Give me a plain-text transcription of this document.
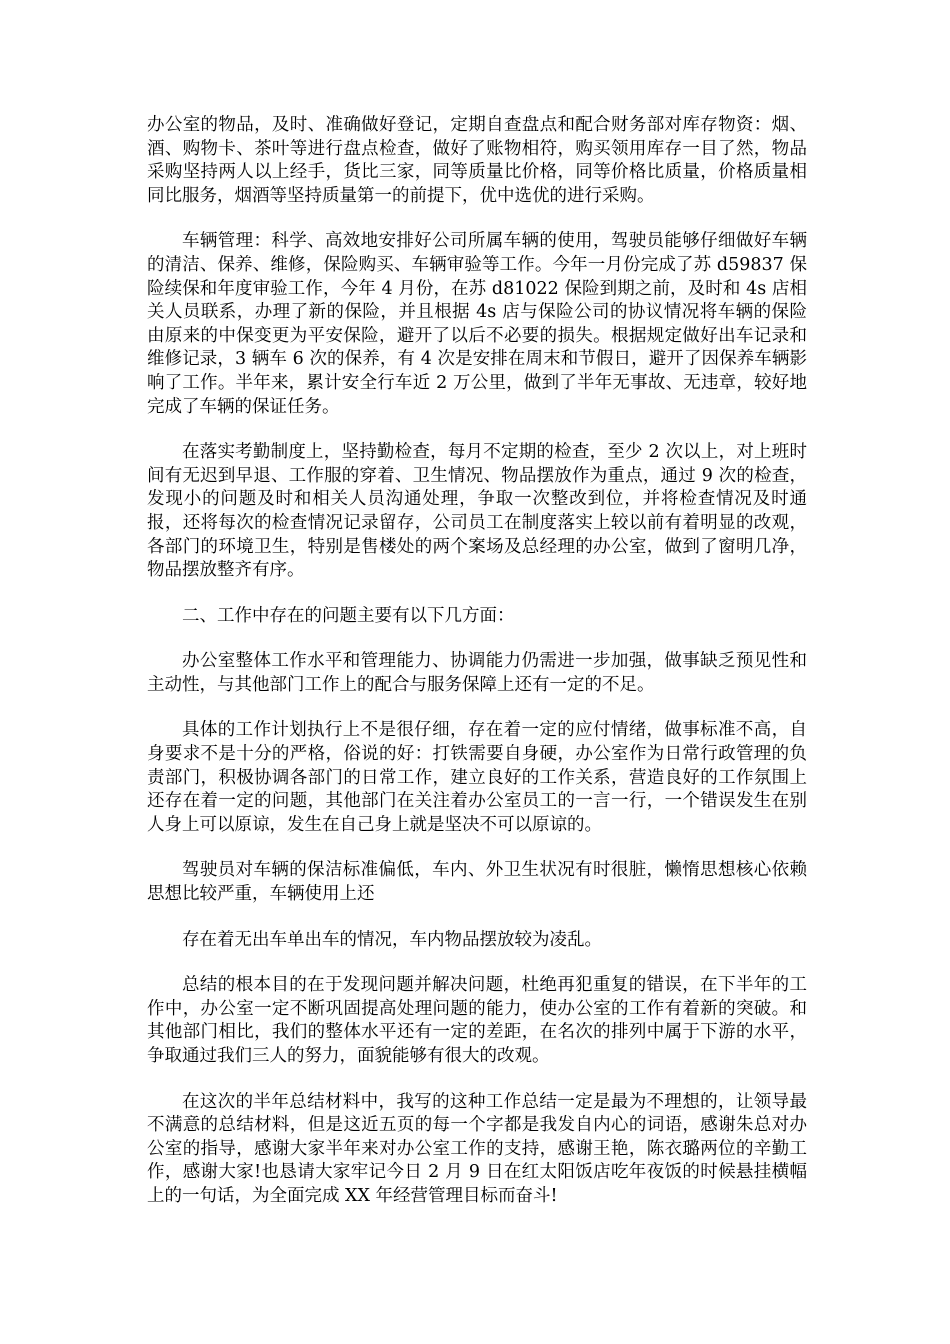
办公室的物品，及时、准确做好登记，定期自查盘点和配合财务部对库存物资：烟、酒、购物卡、茶叶等进行盘点检查，做好了账物相符，购买领用库存一目了然，物品采购坚持两人以上经手，货比三家，同等质量比价格，同等价格比质量，价格质量相同比服务，烟酒等坚持质量第一的前提下，优中选优的进行采购。

车辆管理：科学、高效地安排好公司所属车辆的使用，驾驶员能够仔细做好车辆的清洁、保养、维修，保险购买、车辆审验等工作。今年一月份完成了苏 d59837 保险续保和年度审验工作，今年 4 月份，在苏 d81022 保险到期之前，及时和 4s 店相关人员联系，办理了新的保险，并且根据 4s 店与保险公司的协议情况将车辆的保险由原来的中保变更为平安保险，避开了以后不必要的损失。根据规定做好出车记录和维修记录，3 辆车 6 次的保养，有 4 次是安排在周末和节假日，避开了因保养车辆影响了工作。半年来，累计安全行车近 2 万公里，做到了半年无事故、无违章，较好地完成了车辆的保证任务。

在落实考勤制度上，坚持勤检查，每月不定期的检查，至少 2 次以上，对上班时间有无迟到早退、工作服的穿着、卫生情况、物品摆放作为重点，通过 9 次的检查，发现小的问题及时和相关人员沟通处理，争取一次整改到位，并将检查情况及时通报，还将每次的检查情况记录留存，公司员工在制度落实上较以前有着明显的改观，各部门的环境卫生，特别是售楼处的两个案场及总经理的办公室，做到了窗明几净，物品摆放整齐有序。

二、工作中存在的问题主要有以下几方面：

办公室整体工作水平和管理能力、协调能力仍需进一步加强，做事缺乏预见性和主动性，与其他部门工作上的配合与服务保障上还有一定的不足。

具体的工作计划执行上不是很仔细，存在着一定的应付情绪，做事标准不高，自身要求不是十分的严格，俗说的好：打铁需要自身硬，办公室作为日常行政管理的负责部门，积极协调各部门的日常工作，建立良好的工作关系，营造良好的工作氛围上还存在着一定的问题，其他部门在关注着办公室员工的一言一行，一个错误发生在别人身上可以原谅，发生在自己身上就是坚决不可以原谅的。

驾驶员对车辆的保洁标准偏低，车内、外卫生状况有时很脏，懒惰思想核心依赖思想比较严重，车辆使用上还

存在着无出车单出车的情况，车内物品摆放较为凌乱。

总结的根本目的在于发现问题并解决问题，杜绝再犯重复的错误，在下半年的工作中，办公室一定不断巩固提高处理问题的能力，使办公室的工作有着新的突破。和其他部门相比，我们的整体水平还有一定的差距，在名次的排列中属于下游的水平，争取通过我们三人的努力，面貌能够有很大的改观。

在这次的半年总结材料中，我写的这种工作总结一定是最为不理想的，让领导最不满意的总结材料，但是这近五页的每一个字都是我发自内心的词语，感谢朱总对办公室的指导，感谢大家半年来对办公室工作的支持，感谢王艳，陈衣璐两位的辛勤工作，感谢大家!也恳请大家牢记今日 2 月 9 日在红太阳饭店吃年夜饭的时候悬挂横幅上的一句话，为全面完成 XX 年经营管理目标而奋斗!
